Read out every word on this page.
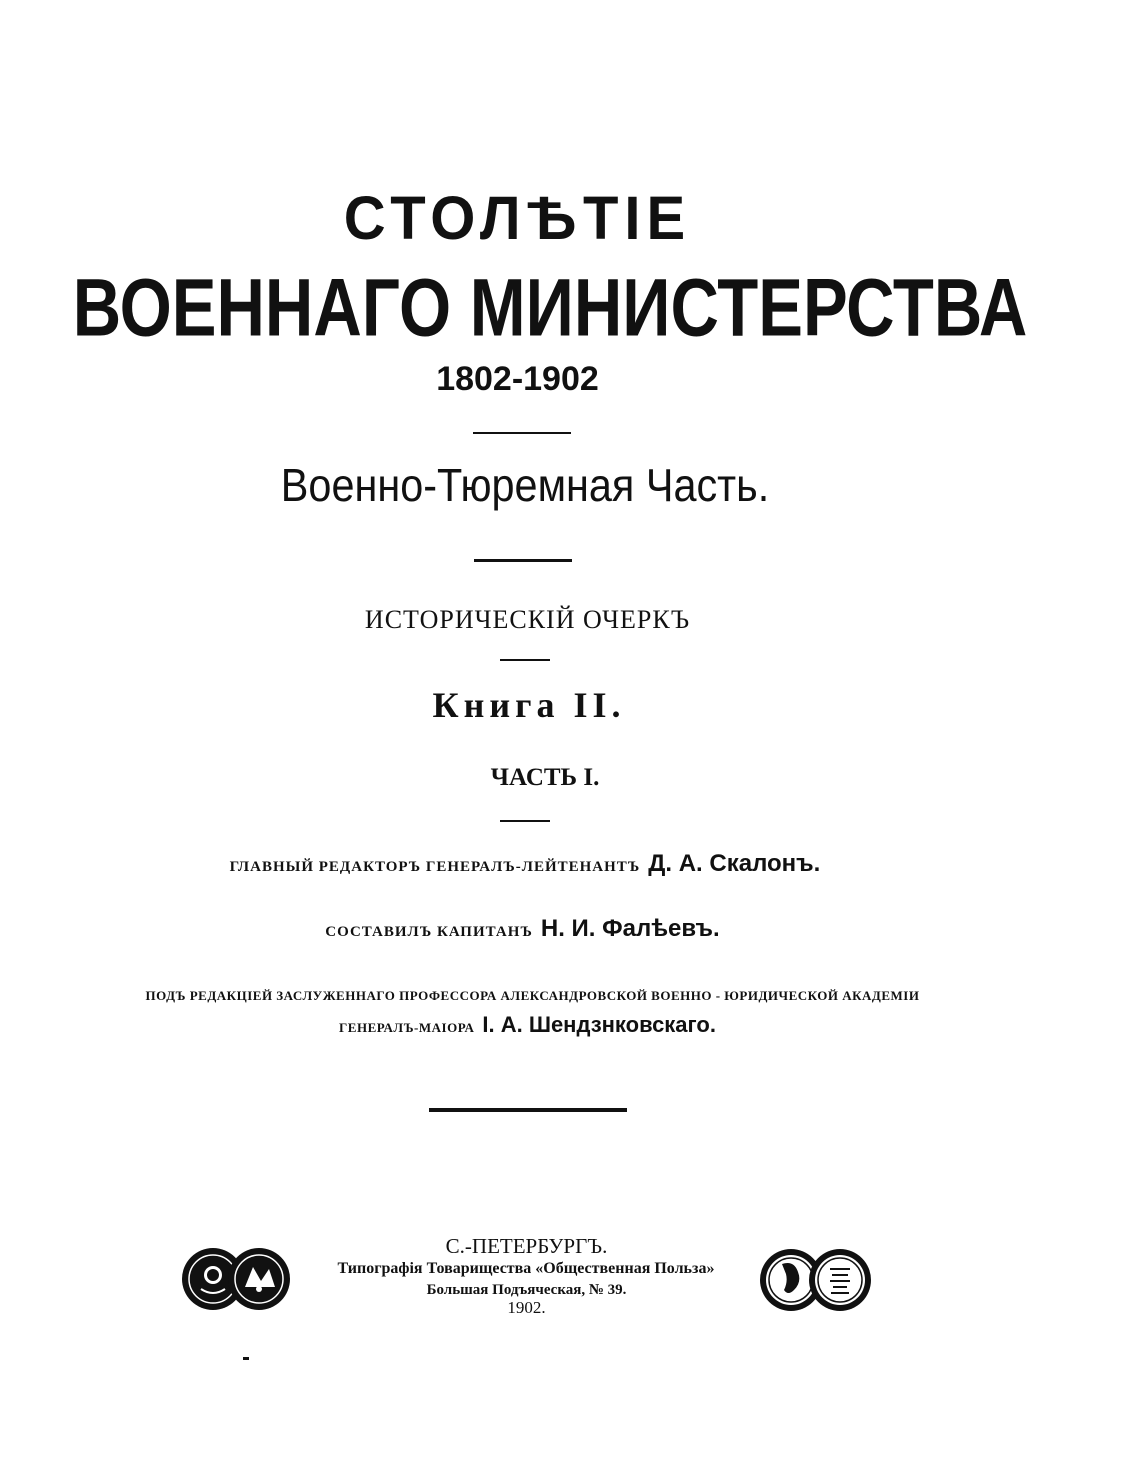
СТОЛѢТІЕ
ВОЕННАГО МИНИСТЕРСТВА
1802-1902
Военно-Тюремная Часть.
ИСТОРИЧЕСКІЙ ОЧЕРКЪ
Книга II.
ЧАСТЬ I.
ГЛАВНЫЙ РЕДАКТОРЪ ГЕНЕРАЛЪ-ЛЕЙТЕНАНТЪ Д. А. Скалонъ.
СОСТАВИЛЪ КАПИТАНЪ Н. И. Фалѣевъ.
ПОДЪ РЕДАКЦІЕЙ ЗАСЛУЖЕННАГО ПРОФЕССОРА АЛЕКСАНДРОВСКОЙ ВОЕННО - ЮРИДИЧЕСКОЙ АКАДЕМІИ
ГЕНЕРАЛЪ-МАІОРА I. А. Шендзнковскаго.
С.-ПЕТЕРБУРГЪ.
Типографія Товарищества «Общественная Польза»
Большая Подъяческая, № 39.
1902.
